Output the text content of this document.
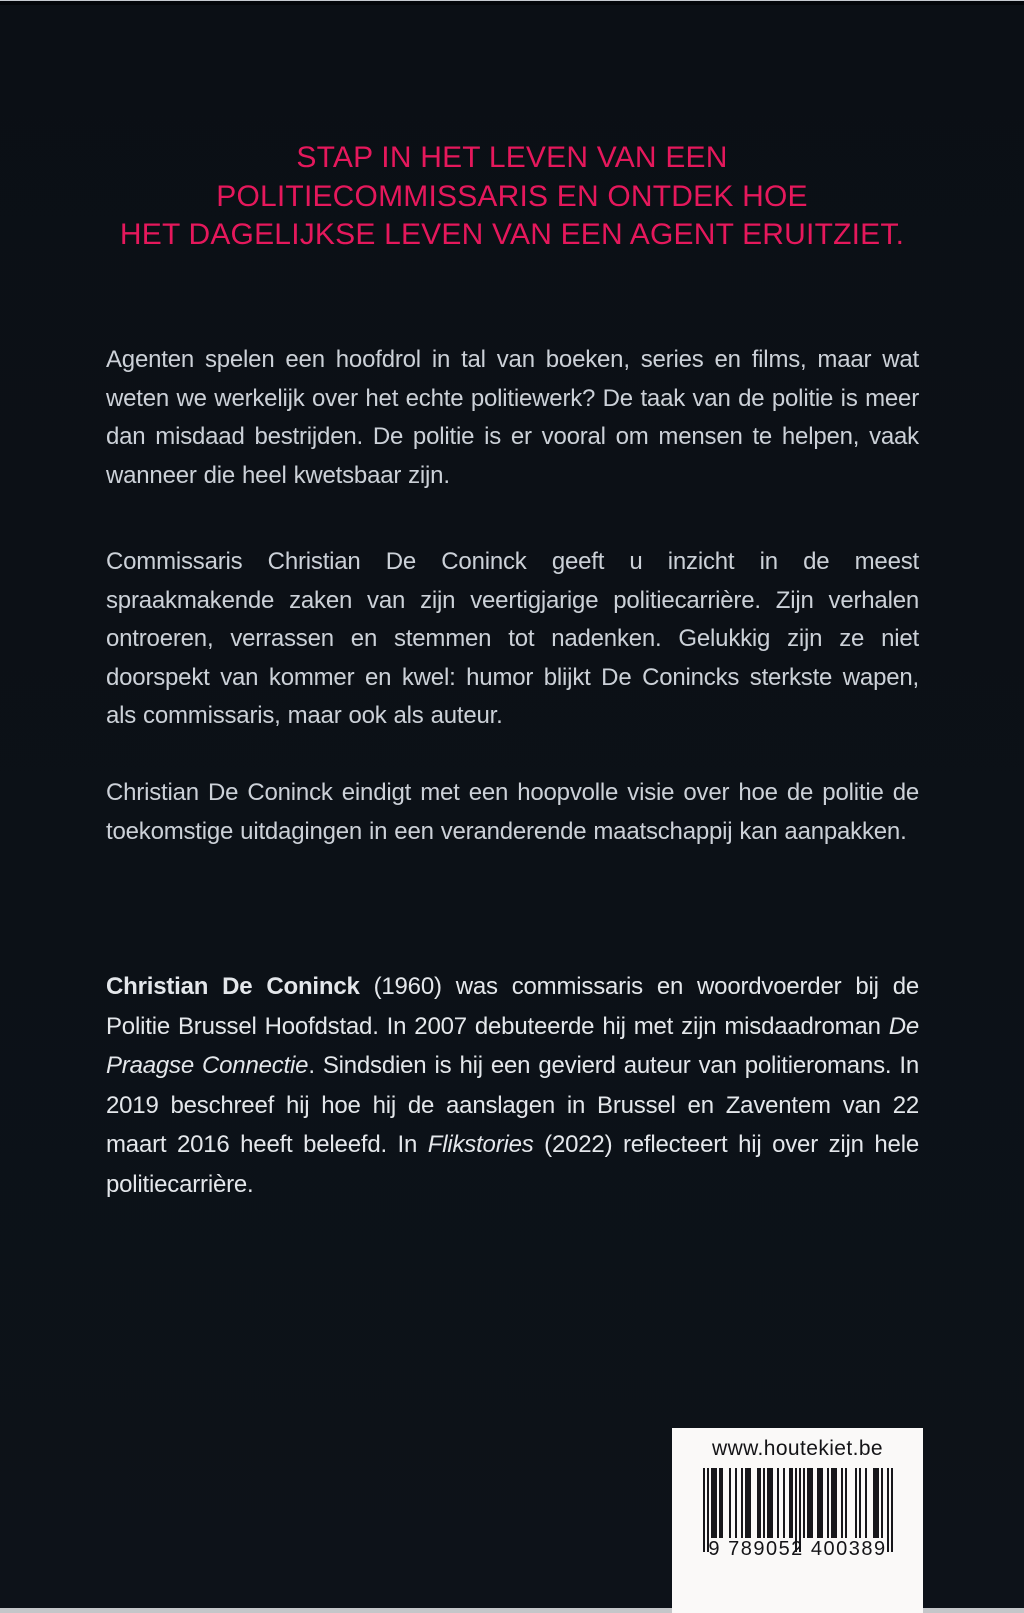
STAP IN HET LEVEN VAN EEN
POLITIECOMMISSARIS EN ONTDEK HOE
HET DAGELIJKSE LEVEN VAN EEN AGENT ERUITZIET.

Agenten spelen een hoofdrol in tal van boeken, series en films, maar wat weten we werkelijk over het echte politiewerk? De taak van de politie is meer dan misdaad bestrijden. De politie is er vooral om mensen te helpen, vaak wanneer die heel kwetsbaar zijn.

Commissaris Christian De Coninck geeft u inzicht in de meest spraakmakende zaken van zijn veertigjarige politiecarrière. Zijn verhalen ontroeren, verrassen en stemmen tot nadenken. Gelukkig zijn ze niet doorspekt van kommer en kwel: humor blijkt De Conincks sterkste wapen, als commissaris, maar ook als auteur.

Christian De Coninck eindigt met een hoopvolle visie over hoe de politie de toekomstige uitdagingen in een veranderende maatschappij kan aanpakken.

Christian De Coninck (1960) was commissaris en woordvoerder bij de Politie Brussel Hoofdstad. In 2007 debuteerde hij met zijn misdaadroman De Praagse Connectie. Sindsdien is hij een gevierd auteur van politieromans. In 2019 beschreef hij hoe hij de aanslagen in Brussel en Zaventem van 22 maart 2016 heeft beleefd. In Flikstories (2022) reflecteert hij over zijn hele politiecarrière.

www.houtekiet.be
9 789052 400389
